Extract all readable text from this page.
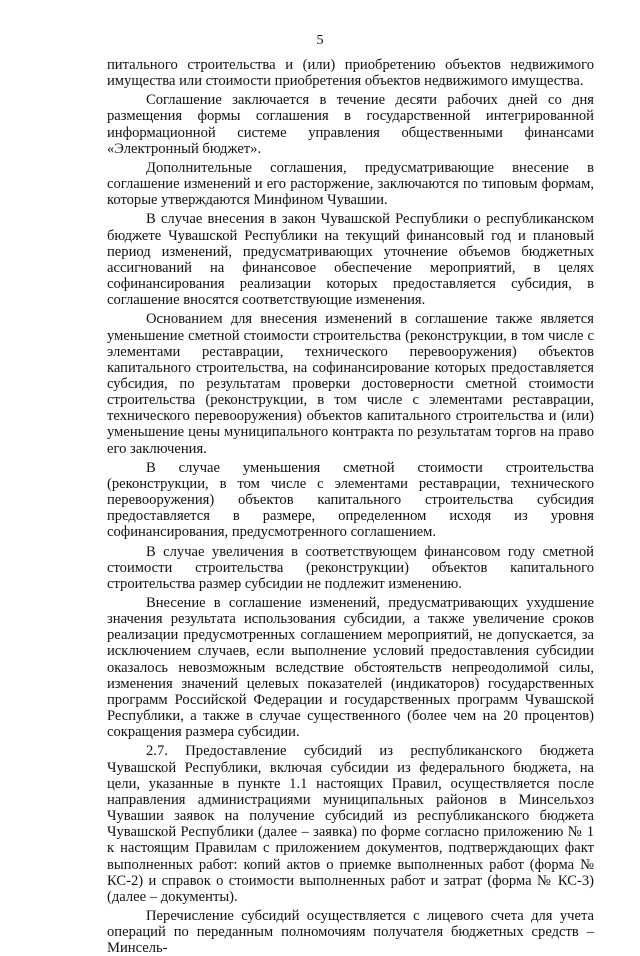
5

питального строительства и (или) приобретению объектов недвижимого имущества или стоимости приобретения объектов недвижимого имущества.

Соглашение заключается в течение десяти рабочих дней со дня размещения формы соглашения в государственной интегрированной информационной системе управления общественными финансами «Электронный бюджет».

Дополнительные соглашения, предусматривающие внесение в соглашение изменений и его расторжение, заключаются по типовым формам, которые утверждаются Минфином Чувашии.

В случае внесения в закон Чувашской Республики о республиканском бюджете Чувашской Республики на текущий финансовый год и плановый период изменений, предусматривающих уточнение объемов бюджетных ассигнований на финансовое обеспечение мероприятий, в целях софинансирования реализации которых предоставляется субсидия, в соглашение вносятся соответствующие изменения.

Основанием для внесения изменений в соглашение также является уменьшение сметной стоимости строительства (реконструкции, в том числе с элементами реставрации, технического перевооружения) объектов капитального строительства, на софинансирование которых предоставляется субсидия, по результатам проверки достоверности сметной стоимости строительства (реконструкции, в том числе с элементами реставрации, технического перевооружения) объектов капитального строительства и (или) уменьшение цены муниципального контракта по результатам торгов на право его заключения.

В случае уменьшения сметной стоимости строительства (реконструкции, в том числе с элементами реставрации, технического перевооружения) объектов капитального строительства субсидия предоставляется в размере, определенном исходя из уровня софинансирования, предусмотренного соглашением.

В случае увеличения в соответствующем финансовом году сметной стоимости строительства (реконструкции) объектов капитального строительства размер субсидии не подлежит изменению.

Внесение в соглашение изменений, предусматривающих ухудшение значения результата использования субсидии, а также увеличение сроков реализации предусмотренных соглашением мероприятий, не допускается, за исключением случаев, если выполнение условий предоставления субсидии оказалось невозможным вследствие обстоятельств непреодолимой силы, изменения значений целевых показателей (индикаторов) государственных программ Российской Федерации и государственных программ Чувашской Республики, а также в случае существенного (более чем на 20 процентов) сокращения размера субсидии.

2.7. Предоставление субсидий из республиканского бюджета Чувашской Республики, включая субсидии из федерального бюджета, на цели, указанные в пункте 1.1 настоящих Правил, осуществляется после направления администрациями муниципальных районов в Минсельхоз Чувашии заявок на получение субсидий из республиканского бюджета Чувашской Республики (далее – заявка) по форме согласно приложению № 1 к настоящим Правилам с приложением документов, подтверждающих факт выполненных работ: копий актов о приемке выполненных работ (форма № КС-2) и справок о стоимости выполненных работ и затрат (форма № КС-3) (далее – документы).

Перечисление субсидий осуществляется с лицевого счета для учета операций по переданным полномочиям получателя бюджетных средств – Минсель-
